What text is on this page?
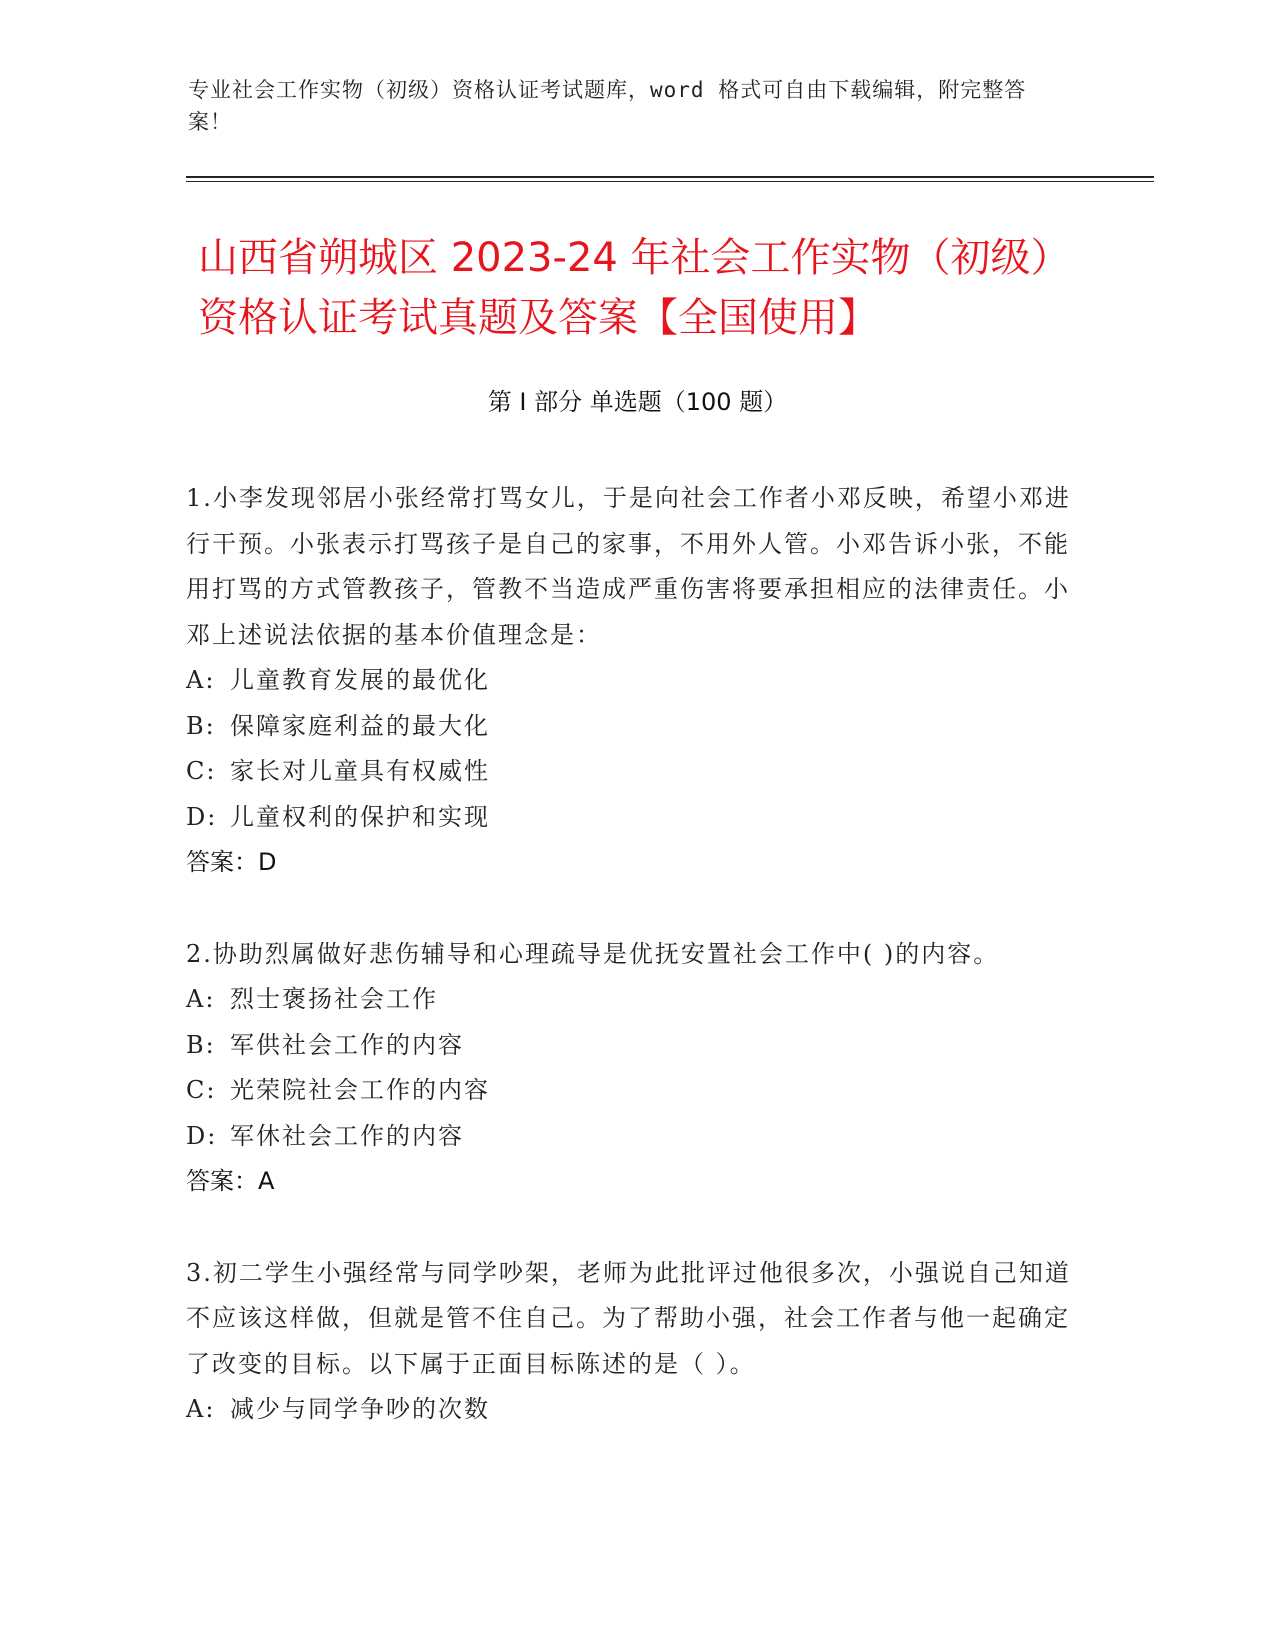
专业社会工作实物（初级）资格认证考试题库，word 格式可自由下载编辑，附完整答案！
山西省朔城区 2023-24 年社会工作实物（初级）资格认证考试真题及答案【全国使用】
第 I 部分 单选题（100 题）
1.小李发现邻居小张经常打骂女儿，于是向社会工作者小邓反映，希望小邓进行干预。小张表示打骂孩子是自己的家事，不用外人管。小邓告诉小张，不能用打骂的方式管教孩子，管教不当造成严重伤害将要承担相应的法律责任。小邓上述说法依据的基本价值理念是：
A: 儿童教育发展的最优化
B: 保障家庭利益的最大化
C: 家长对儿童具有权威性
D: 儿童权利的保护和实现
答案：D
2.协助烈属做好悲伤辅导和心理疏导是优抚安置社会工作中( )的内容。
A: 烈士褒扬社会工作
B: 军供社会工作的内容
C: 光荣院社会工作的内容
D: 军休社会工作的内容
答案：A
3.初二学生小强经常与同学吵架，老师为此批评过他很多次，小强说自己知道不应该这样做，但就是管不住自己。为了帮助小强，社会工作者与他一起确定了改变的目标。以下属于正面目标陈述的是（ ）。
A: 减少与同学争吵的次数
